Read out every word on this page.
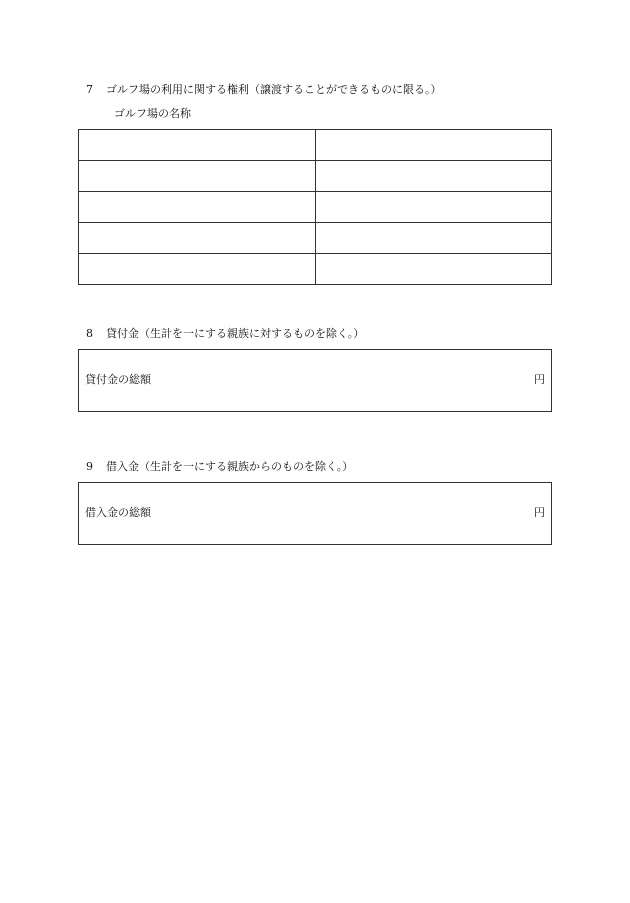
7 ゴルフ場の利用に関する権利（譲渡することができるものに限る。）
ゴルフ場の名称

8 貸付金（生計を一にする親族に対するものを除く。）
貸付金の総額	円
9 借入金（生計を一にする親族からのものを除く。）
借入金の総額	円
